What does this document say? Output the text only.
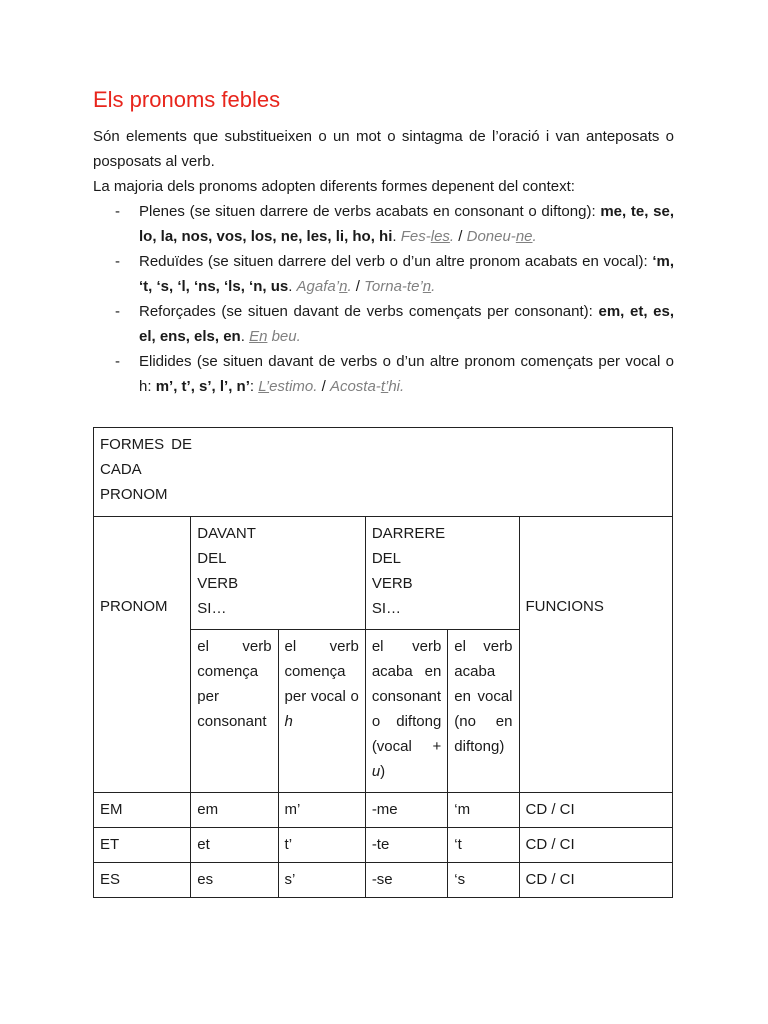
Els pronoms febles

Són elements que substitueixen o un mot o sintagma de l’oració i van anteposats o posposats al verb.

La majoria dels pronoms adopten diferents formes depenent del context:

- Plenes (se situen darrere de verbs acabats en consonant o diftong): me, te, se, lo, la, nos, vos, los, ne, les, li, ho, hi. Fes-les. / Doneu-ne.
- Reduïdes (se situen darrere del verb o d’un altre pronom acabats en vocal): ‘m, ‘t, ‘s, ‘l, ‘ns, ‘ls, ‘n, us. Agafa’n. / Torna-te’n.
- Reforçades (se situen davant de verbs començats per consonant): em, et, es, el, ens, els, en. En beu.
- Elidides (se situen davant de verbs o d’un altre pronom començats per vocal o h: m’, t’, s’, l’, n’: L’estimo. / Acosta-t’hi.
FORMES DE CADA PRONOM					
PRONOM	DAVANT DEL VERB SI…		DARRERE DEL VERB SI…		FUNCIONS
	el verb comença per consonant	el verb comença per vocal o h	el verb acaba en consonant o diftong (vocal + u)	el verb acaba en vocal (no en diftong)	
EM	em	m’	-me	‘m	CD / CI
ET	et	t’	-te	‘t	CD / CI
ES	es	s’	-se	‘s	CD / CI
